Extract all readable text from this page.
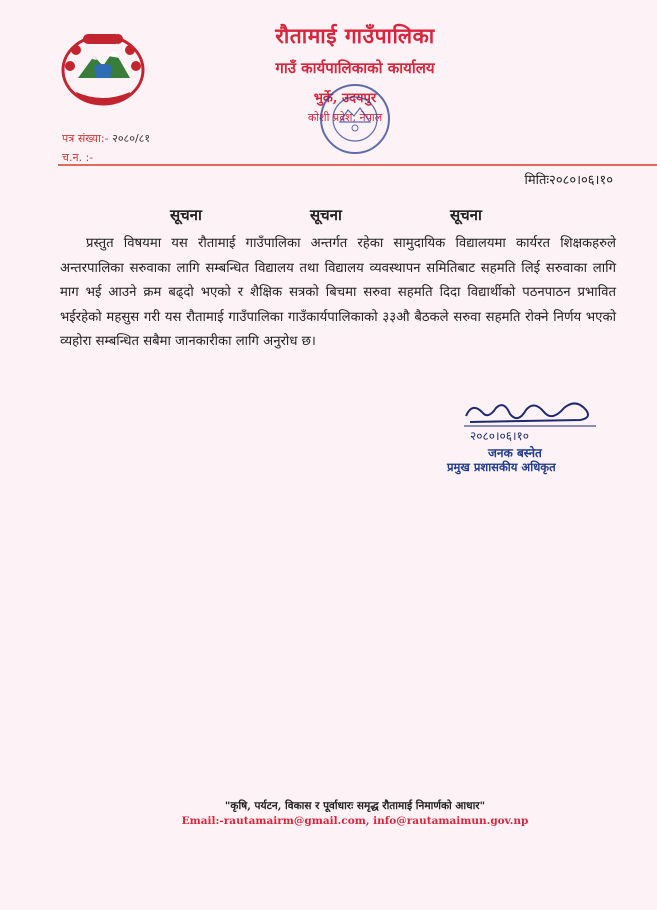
रौतामाई गाउँपालिका
गाउँ कार्यपालिकाको कार्यालय
भुर्के, उदयपुर
कोशी प्रदेश, नेपाल
पत्र संख्या:- २०८०/८१
च.न. :-
मितिः२०८०।०६।१०
सूचना	सूचना	सूचना
प्रस्तुत विषयमा यस रौतामाई गाउँपालिका अन्तर्गत रहेका सामुदायिक विद्यालयमा कार्यरत शिक्षकहरुले अन्तरपालिका सरुवाका लागि सम्बन्धित विद्यालय तथा विद्यालय व्यवस्थापन समितिबाट सहमति लिई सरुवाका लागि माग भई आउने क्रम बढ्दो भएको र शैक्षिक सत्रको बिचमा सरुवा सहमति दिदा विद्यार्थीको पठनपाठन प्रभावित भईरहेको महसुस गरी यस रौतामाई गाउँपालिका गाउँकार्यपालिकाको ३३औ बैठकले सरुवा सहमति रोक्ने निर्णय भएको व्यहोरा सम्बन्धित सबैमा जानकारीका लागि अनुरोध छ।
२०८०।०६।१०
जनक बस्नेत
प्रमुख प्रशासकीय अधिकृत
"कृषि, पर्यटन, विकास र पूर्वाधारः समृद्ध रौतामाई निमार्णको आधार"
Email:-rautamairm@gmail.com, info@rautamaimun.gov.np
